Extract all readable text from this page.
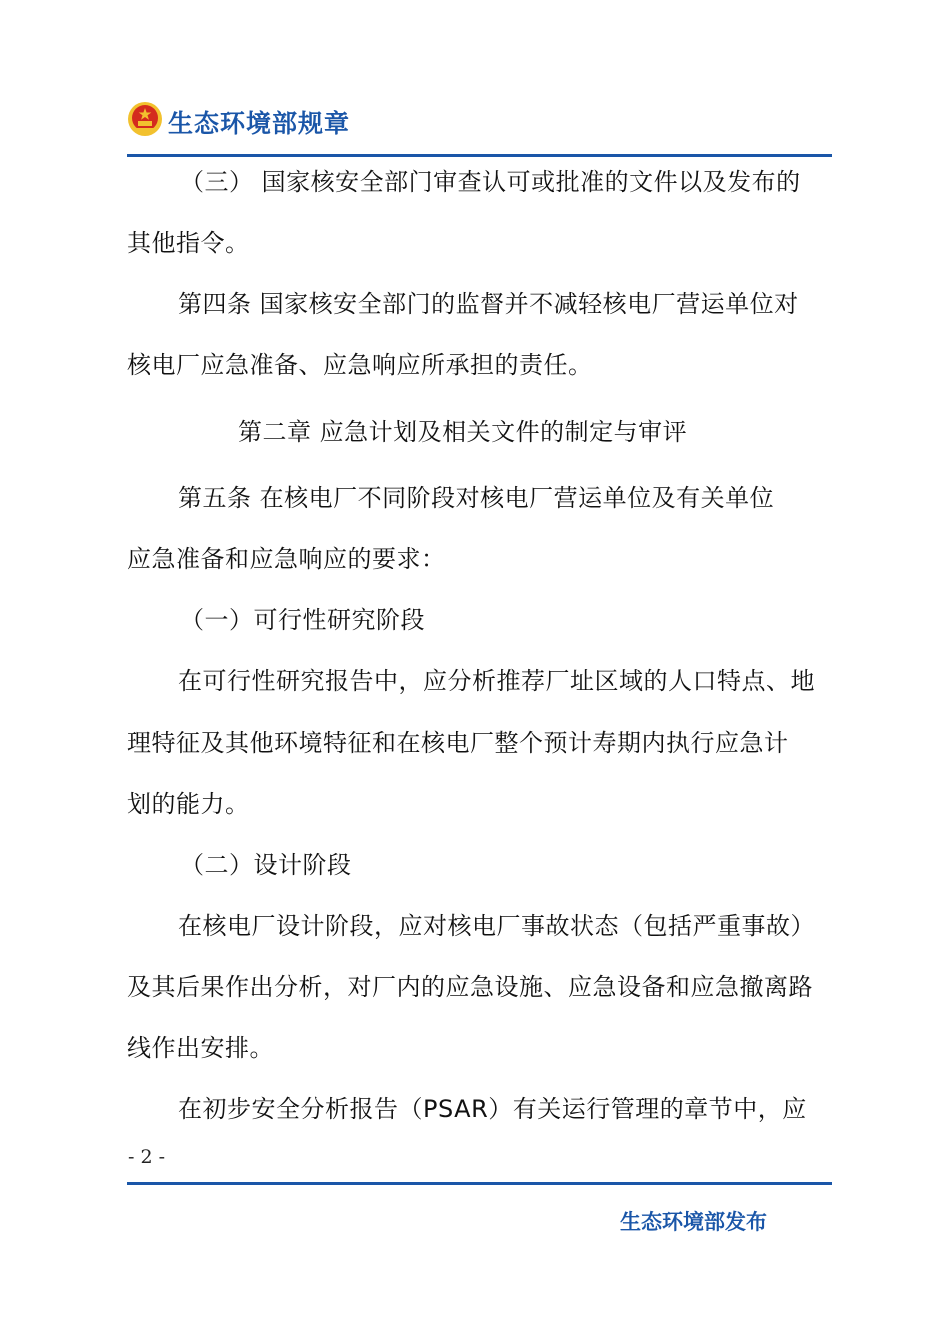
生态环境部规章
（三） 国家核安全部门审查认可或批准的文件以及发布的
其他指令。
第四条 国家核安全部门的监督并不减轻核电厂营运单位对
核电厂应急准备、应急响应所承担的责任。
第二章 应急计划及相关文件的制定与审评
第五条 在核电厂不同阶段对核电厂营运单位及有关单位
应急准备和应急响应的要求：
（一）可行性研究阶段
在可行性研究报告中，应分析推荐厂址区域的人口特点、地
理特征及其他环境特征和在核电厂整个预计寿期内执行应急计
划的能力。
（二）设计阶段
在核电厂设计阶段，应对核电厂事故状态（包括严重事故）
及其后果作出分析，对厂内的应急设施、应急设备和应急撤离路
线作出安排。
在初步安全分析报告（PSAR）有关运行管理的章节中，应
- 2 -
生态环境部发布
